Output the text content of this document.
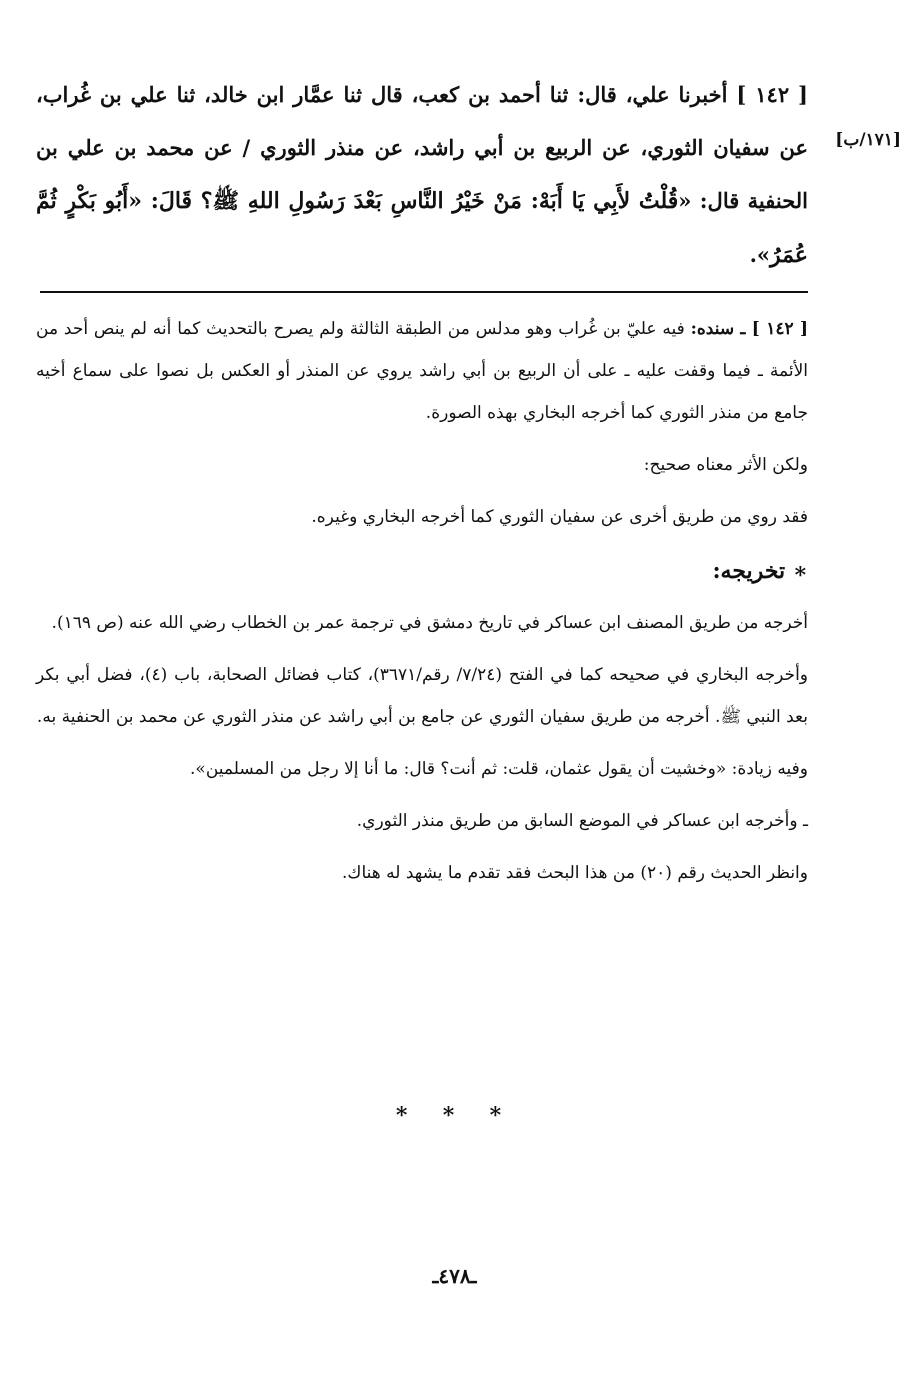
[١٧١/ب]

[ ١٤٢ ] أخبرنا علي، قال: ثنا أحمد بن كعب، قال ثنا عمَّار ابن خالد، ثنا علي بن غُراب، عن سفيان الثوري، عن الربيع بن أبي راشد، عن منذر الثوري / عن محمد بن علي بن الحنفية قال: «قُلْتُ لأَبِي يَا أَبَهْ: مَنْ خَيْرُ النَّاسِ بَعْدَ رَسُولِ اللهِ ﷺ؟ قَالَ: «أَبُو بَكْرٍ ثُمَّ عُمَرُ».

[ ١٤٢ ] ـ سنده: فيه عليّ بن غُراب وهو مدلس من الطبقة الثالثة ولم يصرح بالتحديث كما أنه لم ينص أحد من الأئمة ـ فيما وقفت عليه ـ على أن الربيع بن أبي راشد يروي عن المنذر أو العكس بل نصوا على سماع أخيه جامع من منذر الثوري كما أخرجه البخاري بهذه الصورة.

ولكن الأثر معناه صحيح:

فقد روي من طريق أخرى عن سفيان الثوري كما أخرجه البخاري وغيره.

∗ تخريجه:

أخرجه من طريق المصنف ابن عساكر في تاريخ دمشق في ترجمة عمر بن الخطاب رضي الله عنه (ص ١٦٩).

وأخرجه البخاري في صحيحه كما في الفتح (٧/٢٤/ رقم/٣٦٧١)، كتاب فضائل الصحابة، باب (٤)، فضل أبي بكر بعد النبي ﷺ. أخرجه من طريق سفيان الثوري عن جامع بن أبي راشد عن منذر الثوري عن محمد بن الحنفية به.

وفيه زيادة: «وخشيت أن يقول عثمان، قلت: ثم أنت؟ قال: ما أنا إلا رجل من المسلمين».

ـ وأخرجه ابن عساكر في الموضع السابق من طريق منذر الثوري.

وانظر الحديث رقم (٢٠) من هذا البحث فقد تقدم ما يشهد له هناك.

∗ ∗ ∗
ـ٤٧٨ـ
